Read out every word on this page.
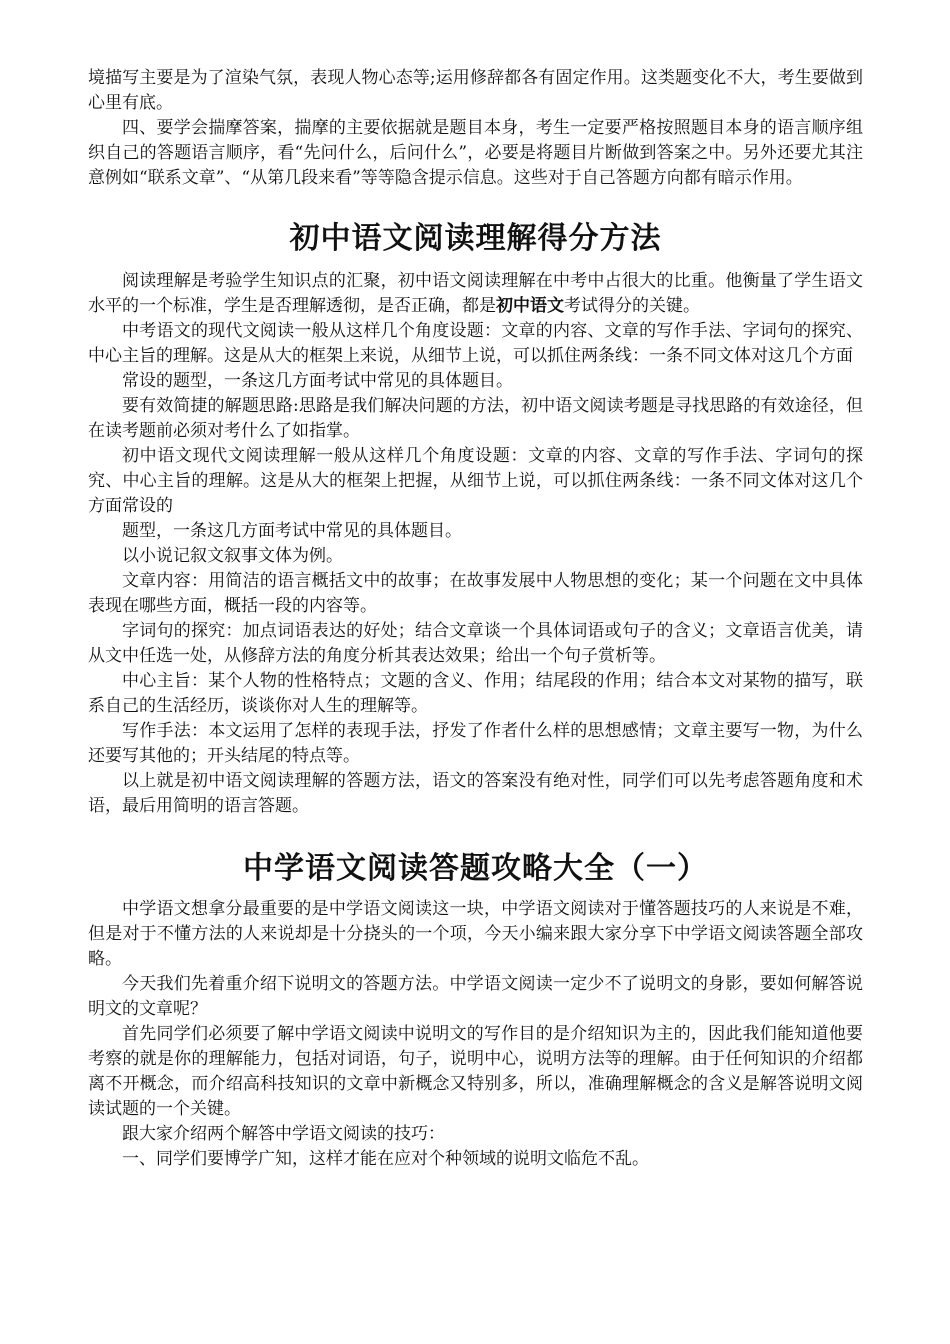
境描写主要是为了渲染气氛，表现人物心态等;运用修辞都各有固定作用。这类题变化不大，考生要做到心里有底。

四、要学会揣摩答案，揣摩的主要依据就是题目本身，考生一定要严格按照题目本身的语言顺序组织自己的答题语言顺序，看“先问什么，后问什么”，必要是将题目片断做到答案之中。另外还要尤其注意例如“联系文章”、“从第几段来看”等等隐含提示信息。这些对于自己答题方向都有暗示作用。

初中语文阅读理解得分方法

阅读理解是考验学生知识点的汇聚，初中语文阅读理解在中考中占很大的比重。他衡量了学生语文水平的一个标准，学生是否理解透彻，是否正确，都是初中语文考试得分的关键。

中考语文的现代文阅读一般从这样几个角度设题：文章的内容、文章的写作手法、字词句的探究、中心主旨的理解。这是从大的框架上来说，从细节上说，可以抓住两条线：一条不同文体对这几个方面

常设的题型，一条这几方面考试中常见的具体题目。

要有效简捷的解题思路:思路是我们解决问题的方法，初中语文阅读考题是寻找思路的有效途径，但在读考题前必须对考什么了如指掌。

初中语文现代文阅读理解一般从这样几个角度设题：文章的内容、文章的写作手法、字词句的探究、中心主旨的理解。这是从大的框架上把握，从细节上说，可以抓住两条线：一条不同文体对这几个方面常设的

题型，一条这几方面考试中常见的具体题目。

以小说记叙文叙事文体为例。

文章内容：用简洁的语言概括文中的故事；在故事发展中人物思想的变化；某一个问题在文中具体表现在哪些方面，概括一段的内容等。

字词句的探究：加点词语表达的好处；结合文章谈一个具体词语或句子的含义；文章语言优美，请从文中任选一处，从修辞方法的角度分析其表达效果；给出一个句子赏析等。

中心主旨：某个人物的性格特点；文题的含义、作用；结尾段的作用；结合本文对某物的描写，联系自己的生活经历，谈谈你对人生的理解等。

写作手法：本文运用了怎样的表现手法，抒发了作者什么样的思想感情；文章主要写一物，为什么还要写其他的；开头结尾的特点等。

以上就是初中语文阅读理解的答题方法，语文的答案没有绝对性，同学们可以先考虑答题角度和术语，最后用简明的语言答题。

中学语文阅读答题攻略大全（一）

中学语文想拿分最重要的是中学语文阅读这一块，中学语文阅读对于懂答题技巧的人来说是不难，但是对于不懂方法的人来说却是十分挠头的一个项，今天小编来跟大家分享下中学语文阅读答题全部攻略。

今天我们先着重介绍下说明文的答题方法。中学语文阅读一定少不了说明文的身影，要如何解答说明文的文章呢？

首先同学们必须要了解中学语文阅读中说明文的写作目的是介绍知识为主的，因此我们能知道他要考察的就是你的理解能力，包括对词语，句子，说明中心，说明方法等的理解。由于任何知识的介绍都离不开概念，而介绍高科技知识的文章中新概念又特别多，所以，准确理解概念的含义是解答说明文阅读试题的一个关键。

跟大家介绍两个解答中学语文阅读的技巧：

一、同学们要博学广知，这样才能在应对个种领域的说明文临危不乱。
